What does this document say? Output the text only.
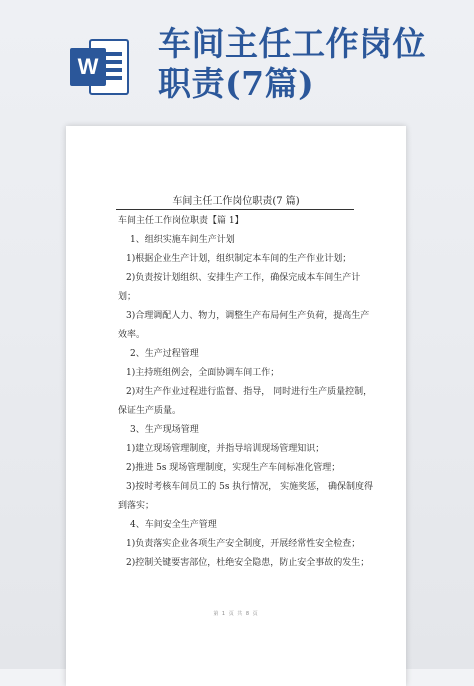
W
车间主任工作岗位
职责(7篇)
车间主任工作岗位职责(7 篇)
车间主任工作岗位职责【篇 1】
1、组织实施车间生产计划
1)根据企业生产计划，组织制定本车间的生产作业计划；
2)负责按计划组织、安排生产工作，确保完成本车间生产计
划；
3)合理调配人力、物力，调整生产布局何生产负荷，提高生产
效率。
2、生产过程管理
1)主持班组例会，全面协调车间工作；
2)对生产作业过程进行监督、指导， 同时进行生产质量控制，
保证生产质量。
3、生产现场管理
1)建立现场管理制度，并指导培训现场管理知识；
2)推进 5s 现场管理制度，实现生产车间标准化管理；
3)按时考核车间员工的 5s 执行情况， 实施奖惩， 确保制度得
到落实；
4、车间安全生产管理
1)负责落实企业各项生产安全制度，开展经常性安全检查；
2)控制关键要害部位，杜绝安全隐患，防止安全事故的发生；
第 1 页 共 8 页
